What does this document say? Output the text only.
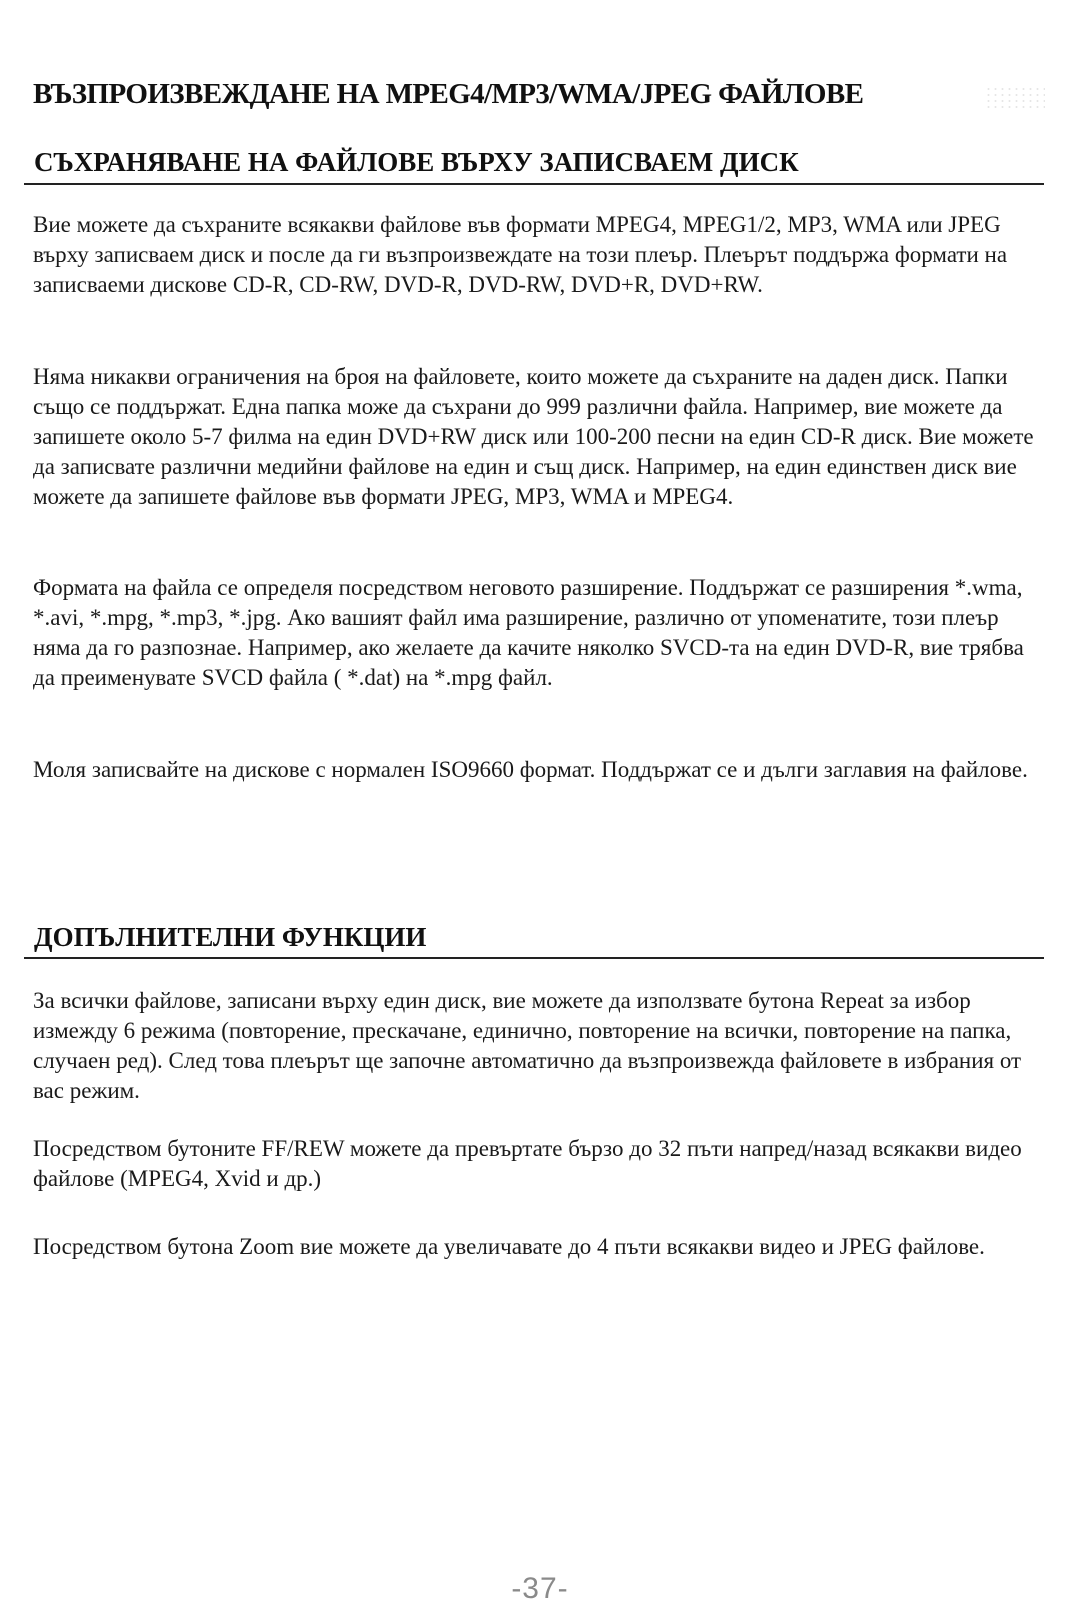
ВЪЗПРОИЗВЕЖДАНЕ НА MPEG4/MP3/WMA/JPEG ФАЙЛОВЕ
СЪХРАНЯВАНЕ НА ФАЙЛОВЕ ВЪРХУ ЗАПИСВАЕМ ДИСК

Вие можете да съхраните всякакви файлове във формати MPEG4, MPEG1/2, MP3, WMA или JPEG върху записваем диск и после да ги възпроизвеждате на този плеър. Плеърът поддържа формати на записваеми дискове CD-R, CD-RW, DVD-R, DVD-RW, DVD+R, DVD+RW.

Няма никакви ограничения на броя на файловете, които можете да съхраните на даден диск. Папки също се поддържат. Една папка може да съхрани до 999 различни файла. Например, вие можете да запишете около 5-7 филма на един DVD+RW диск или 100-200 песни на един CD-R диск. Вие можете да записвате различни медийни файлове на един и същ диск. Например, на един единствен диск вие можете да запишете файлове във формати JPEG, MP3, WMA и MPEG4.

Формата на файла се определя посредством неговото разширение. Поддържат се разширения *.wma, *.avi, *.mpg, *.mp3, *.jpg. Ако вашият файл има разширение, различно от упоменатите, този плеър няма да го разпознае. Например, ако желаете да качите няколко SVCD-та на един DVD-R, вие трябва да преименувате SVCD файла ( *.dat) на *.mpg файл.

Моля записвайте на дискове с нормален ISO9660 формат. Поддържат се и дълги заглавия на файлове.

ДОПЪЛНИТЕЛНИ ФУНКЦИИ

За всички файлове, записани върху един диск, вие можете да използвате бутона Repeat за избор измежду 6 режима (повторение, прескачане, единично, повторение на всички, повторение на папка, случаен ред). След това плеърът ще започне автоматично да възпроизвежда файловете в избрания от вас режим.

Посредством бутоните FF/REW можете да превъртате бързо до 32 пъти напред/назад всякакви видео файлове (MPEG4, Xvid и др.)

Посредством бутона Zoom вие можете да увеличавате до 4 пъти всякакви видео и JPEG файлове.

-37-
